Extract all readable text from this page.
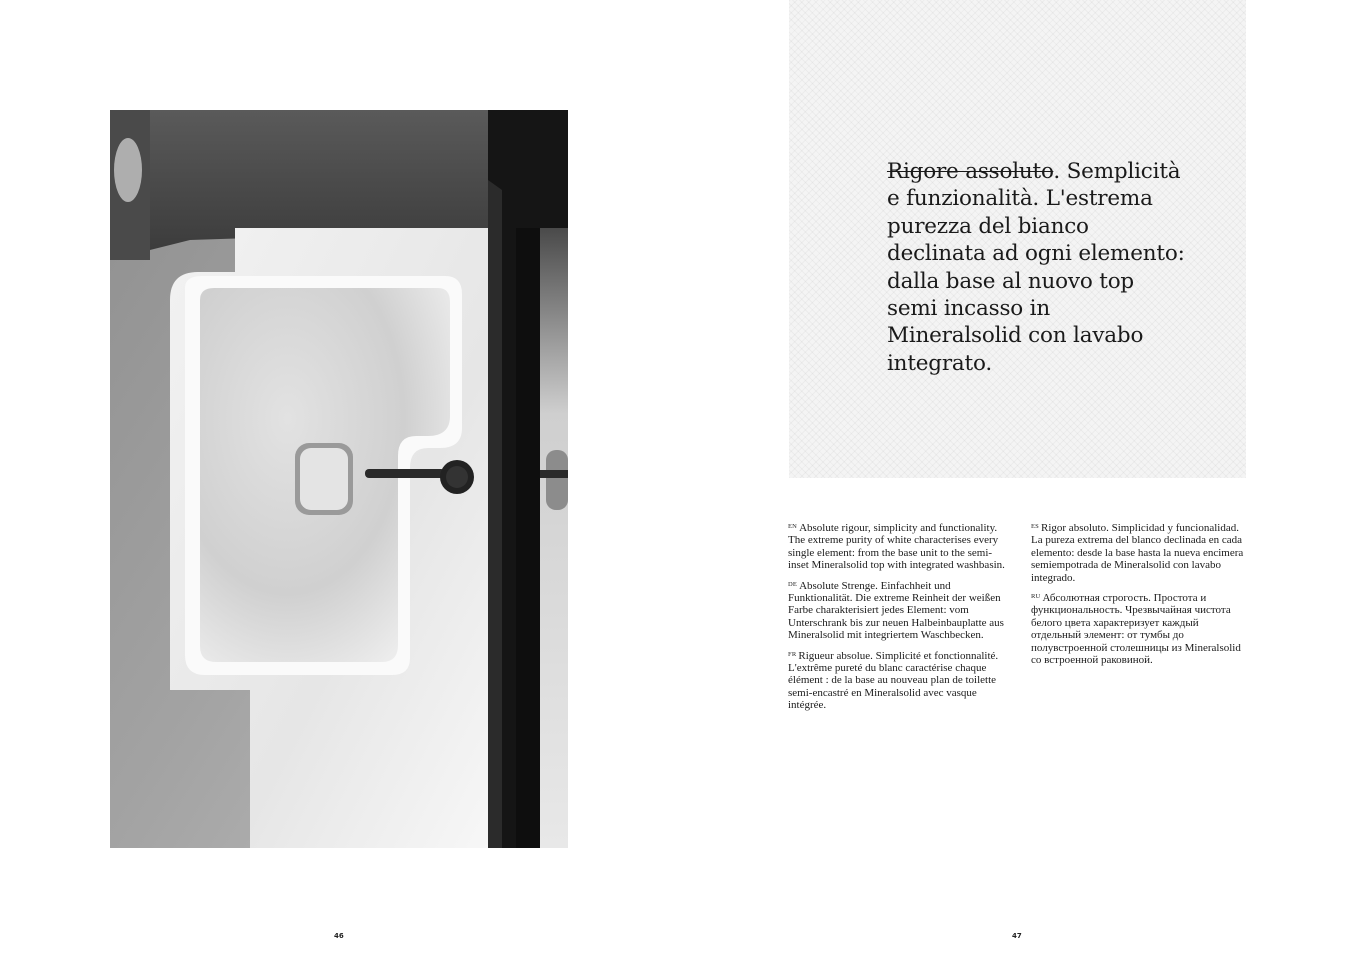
46

Rigore assoluto. Semplicità e funzionalità. L'estrema purezza del bianco declinata ad ogni elemento: dalla base al nuovo top semi incasso in Mineralsolid con lavabo integrato.

$^{EN}$ Absolute rigour, simplicity and functionality. The extreme purity of white characterises every single element: from the base unit to the semi-inset Mineralsolid top with integrated washbasin.

$^{DE}$ Absolute Strenge. Einfachheit und Funktionalität. Die extreme Reinheit der weißen Farbe charakterisiert jedes Element: vom Unterschrank bis zur neuen Halbeinbauplatte aus Mineralsolid mit integriertem Waschbecken.

$^{FR}$ Rigueur absolue. Simplicité et fonctionnalité. L'extrême pureté du blanc caractérise chaque élément : de la base au nouveau plan de toilette semi-encastré en Mineralsolid avec vasque intégrée.

$^{ES}$ Rigor absoluto. Simplicidad y funcionalidad. La pureza extrema del blanco declinada en cada elemento: desde la base hasta la nueva encimera semiempotrada de Mineralsolid con lavabo integrado.

$^{RU}$ Абсолютная строгость. Простота и функциональность. Чрезвычайная чистота белого цвета характеризует каждый отдельный элемент: от тумбы до полувстроенной столешницы из Mineralsolid со встроенной раковиной.

47
